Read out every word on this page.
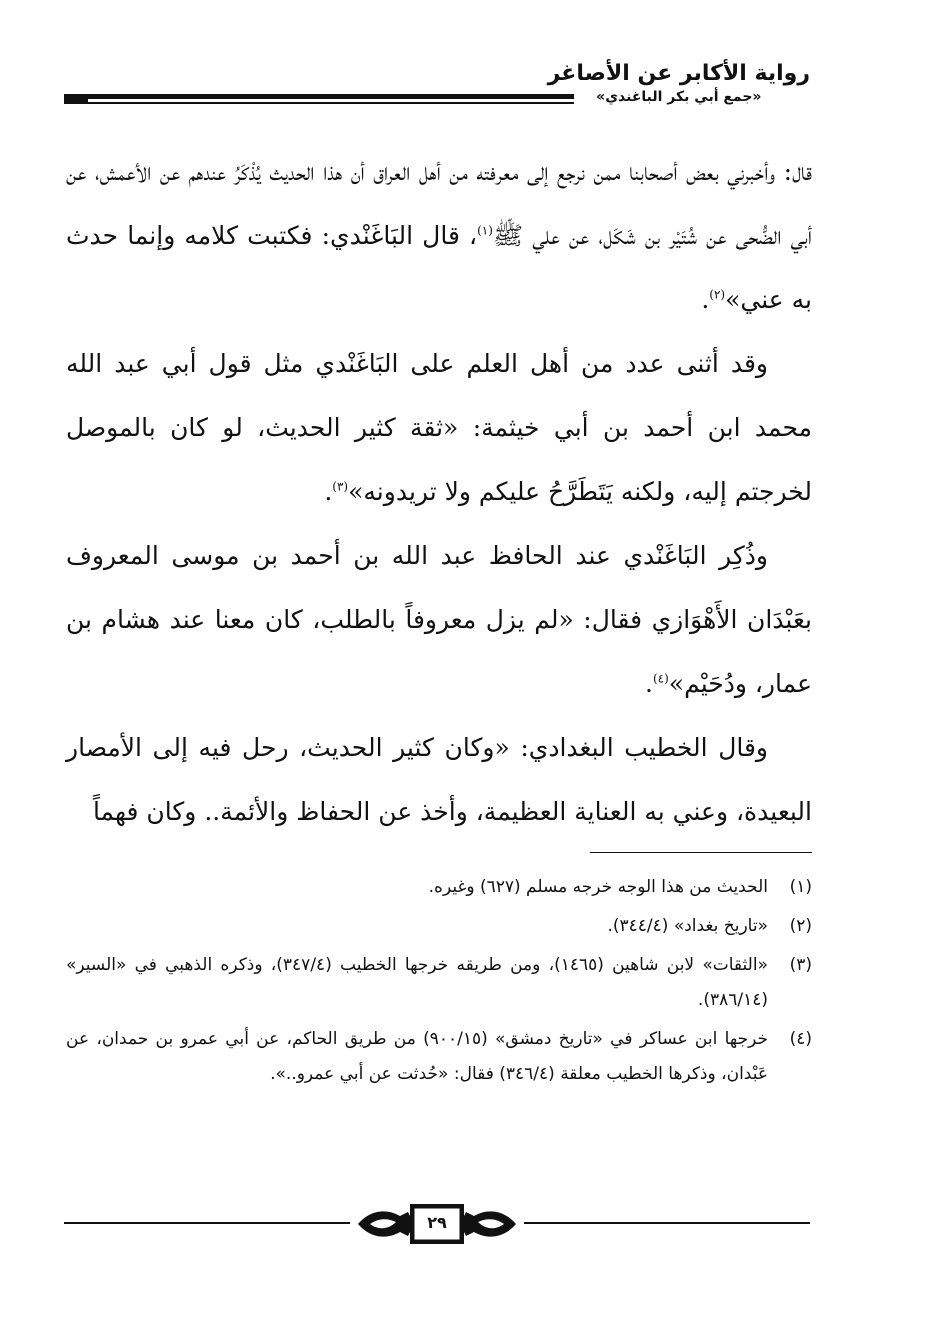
رواية الأكابر عن الأصاغر
«جمع أبي بكر الباغندي»

قال: وأخبرني بعض أصحابنا ممن نرجع إلى معرفته من أهل العراق أن هذا الحديث يُذْكَرُ عندهم عن الأعمش، عن أبي الضُّحى عن شُتَيْر بن شَكَل، عن علي ﷺ$^{(١)}$، قال البَاغَنْدي: فكتبت كلامه وإنما حدث به عني»$^{(٢)}$.

وقد أثنى عدد من أهل العلم على البَاغَنْدي مثل قول أبي عبد الله محمد ابن أحمد بن أبي خيثمة: «ثقة كثير الحديث، لو كان بالموصل لخرجتم إليه، ولكنه يَتَطَرَّحُ عليكم ولا تريدونه»$^{(٣)}$.

وذُكِر البَاغَنْدي عند الحافظ عبد الله بن أحمد بن موسى المعروف بعَبْدَان الأَهْوَازي فقال: «لم يزل معروفاً بالطلب، كان معنا عند هشام بن عمار، ودُحَيْم»$^{(٤)}$.

وقال الخطيب البغدادي: «وكان كثير الحديث، رحل فيه إلى الأمصار البعيدة، وعني به العناية العظيمة، وأخذ عن الحفاظ والأئمة.. وكان فهماً

(١)
الحديث من هذا الوجه خرجه مسلم (٦٢٧) وغيره.
(٢)
«تاريخ بغداد» (٣٤٤/٤).
(٣)
«الثقات» لابن شاهين (١٤٦٥)، ومن طريقه خرجها الخطيب (٣٤٧/٤)، وذكره الذهبي في «السير» (٣٨٦/١٤).
(٤)
خرجها ابن عساكر في «تاريخ دمشق» (٩٠٠/١٥) من طريق الحاكم، عن أبي عمرو بن حمدان، عن عَبْدان، وذكرها الخطيب معلقة (٣٤٦/٤) فقال: «حُدثت عن أبي عمرو..».
٢٩
